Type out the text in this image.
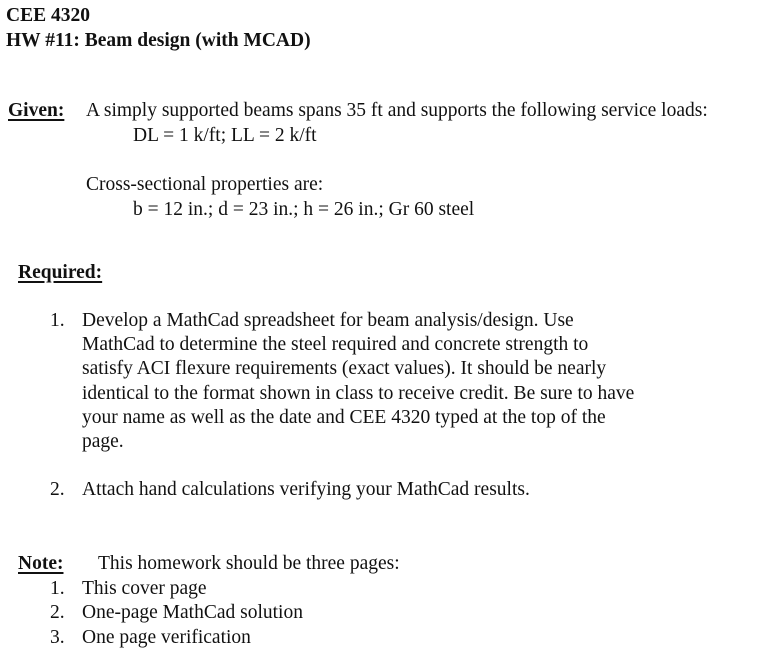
CEE 4320
HW #11: Beam design (with MCAD)
Given: A simply supported beams spans 35 ft and supports the following service loads:
DL = 1 k/ft; LL = 2 k/ft
Cross-sectional properties are:
b = 12 in.; d = 23 in.; h = 26 in.; Gr 60 steel
Required:
1. Develop a MathCad spreadsheet for beam analysis/design. Use
MathCad to determine the steel required and concrete strength to
satisfy ACI flexure requirements (exact values). It should be nearly
identical to the format shown in class to receive credit. Be sure to have
your name as well as the date and CEE 4320 typed at the top of the
page.
2. Attach hand calculations verifying your MathCad results.
Note: This homework should be three pages:
1. This cover page
2. One-page MathCad solution
3. One page verification
